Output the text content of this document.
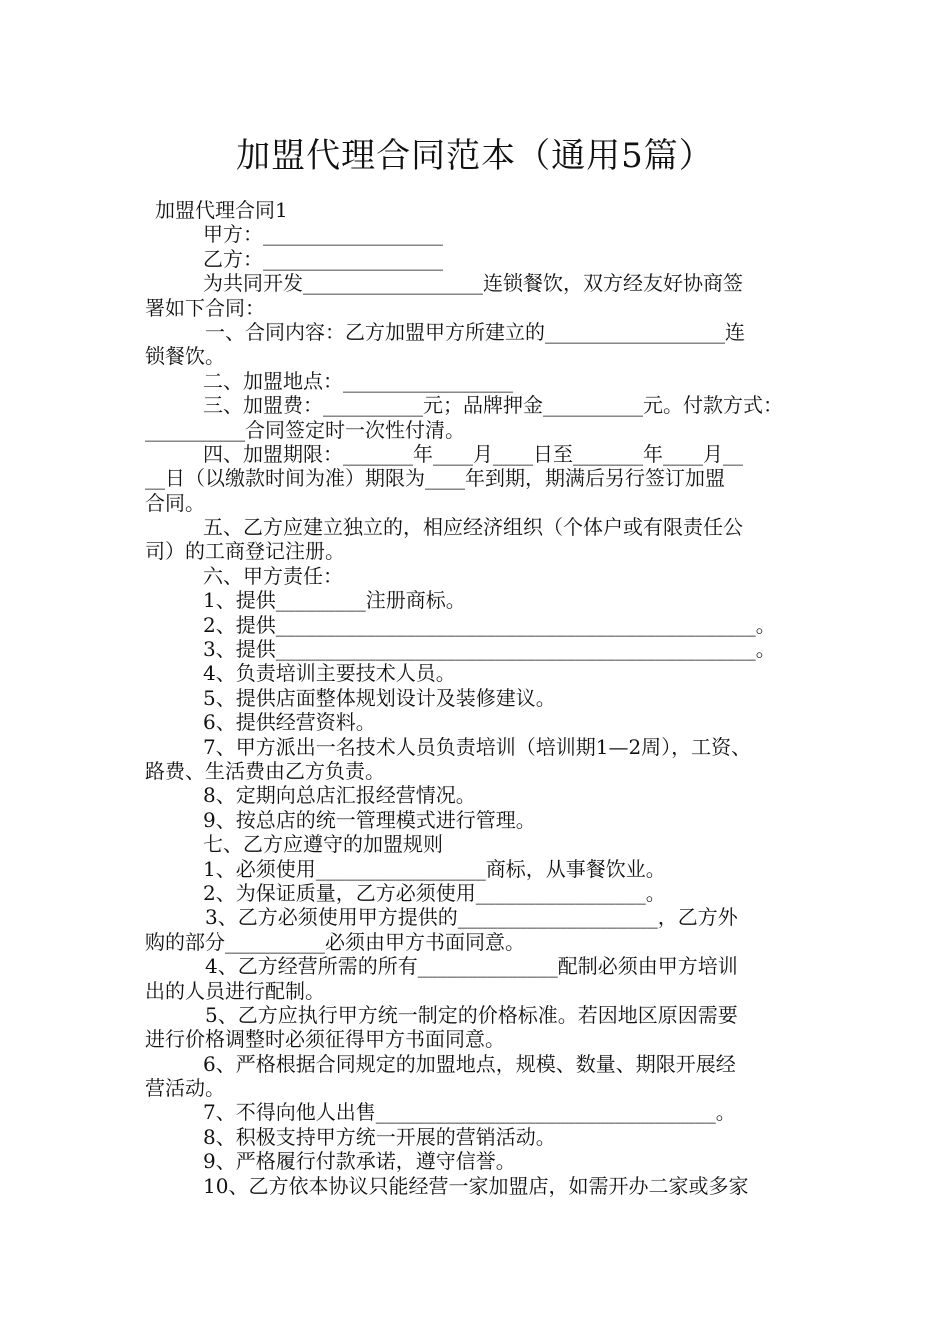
加盟代理合同范本（通用5篇）
加盟代理合同1
甲方：__________________
乙方：__________________
为共同开发__________________连锁餐饮，双方经友好协商签
署如下合同：
一、合同内容：乙方加盟甲方所建立的__________________连
锁餐饮。
二、加盟地点：_________________
三、加盟费：__________元；品牌押金__________元。付款方式：
__________合同签定时一次性付清。
四、加盟期限：_______年____月____日至_______年____月__
__日（以缴款时间为准）期限为____年到期，期满后另行签订加盟
合同。
五、乙方应建立独立的，相应经济组织（个体户或有限责任公
司）的工商登记注册。
六、甲方责任：
1、提供_________注册商标。
2、提供________________________________________________。
3、提供________________________________________________。
4、负责培训主要技术人员。
5、提供店面整体规划设计及装修建议。
6、提供经营资料。
7、甲方派出一名技术人员负责培训（培训期1—2周），工资、
路费、生活费由乙方负责。
8、定期向总店汇报经营情况。
9、按总店的统一管理模式进行管理。
七、乙方应遵守的加盟规则
1、必须使用_________________商标，从事餐饮业。
2、为保证质量，乙方必须使用_________________。
3、乙方必须使用甲方提供的____________________，乙方外
购的部分__________必须由甲方书面同意。
4、乙方经营所需的所有______________配制必须由甲方培训
出的人员进行配制。
5、乙方应执行甲方统一制定的价格标准。若因地区原因需要
进行价格调整时必须征得甲方书面同意。
6、严格根据合同规定的加盟地点，规模、数量、期限开展经
营活动。
7、不得向他人出售__________________________________。
8、积极支持甲方统一开展的营销活动。
9、严格履行付款承诺，遵守信誉。
10、乙方依本协议只能经营一家加盟店，如需开办二家或多家
